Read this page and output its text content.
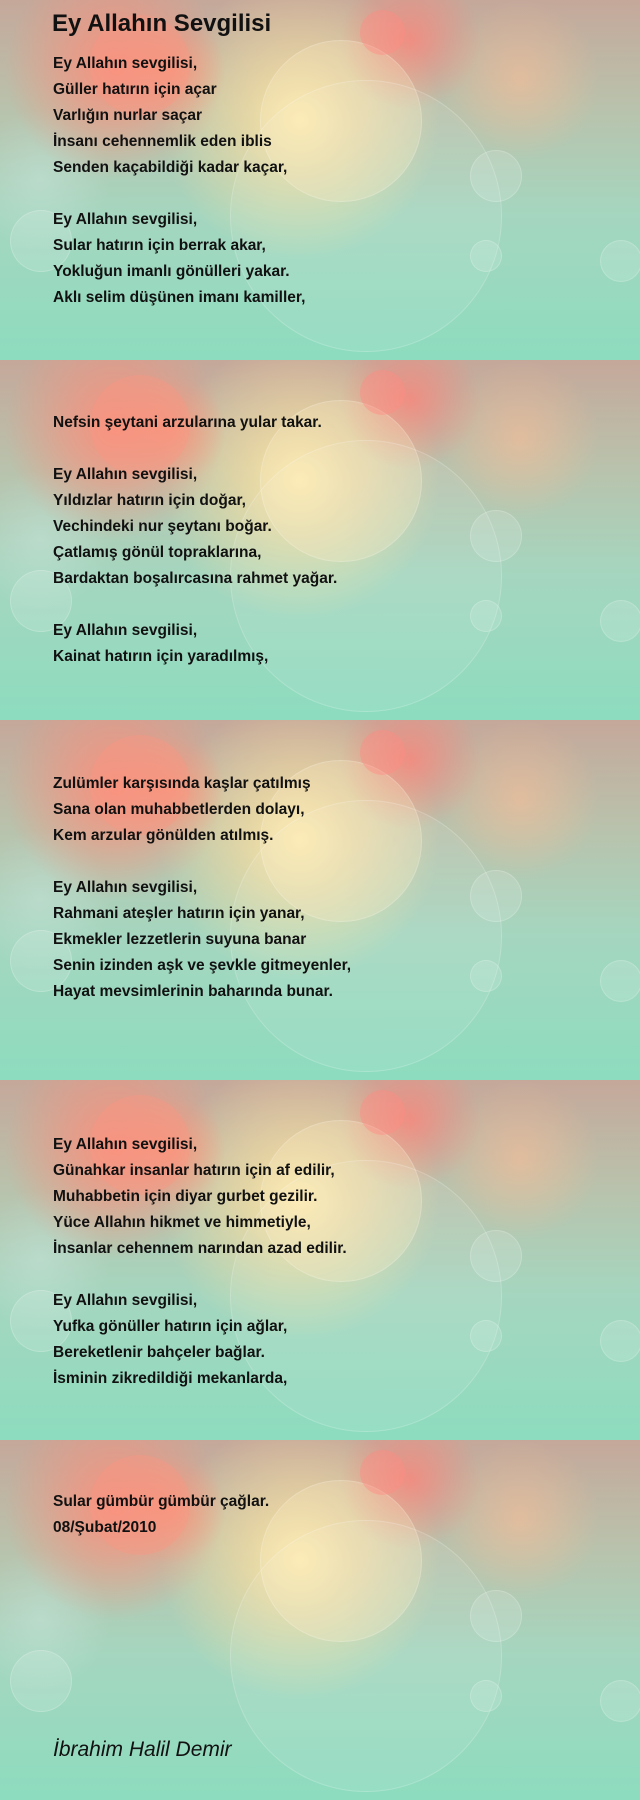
Ey Allahın Sevgilisi
Ey Allahın sevgilisi,
Güller hatırın için açar
Varlığın nurlar saçar
İnsanı cehennemlik eden iblis
Senden kaçabildiği kadar kaçar,
Ey Allahın sevgilisi,
Sular hatırın için berrak akar,
Yokluğun imanlı gönülleri yakar.
Aklı selim düşünen imanı kamiller,
Nefsin şeytani arzularına yular takar.
Ey Allahın sevgilisi,
Yıldızlar hatırın için doğar,
Vechindeki nur şeytanı boğar.
Çatlamış gönül topraklarına,
Bardaktan boşalırcasına rahmet yağar.
Ey Allahın sevgilisi,
Kainat hatırın için yaradılmış,
Zulümler karşısında kaşlar çatılmış
Sana olan muhabbetlerden dolayı,
Kem arzular gönülden atılmış.
Ey Allahın sevgilisi,
Rahmani ateşler hatırın için yanar,
Ekmekler lezzetlerin suyuna banar
Senin izinden aşk ve şevkle gitmeyenler,
Hayat mevsimlerinin baharında bunar.
Ey Allahın sevgilisi,
Günahkar insanlar hatırın için af edilir,
Muhabbetin için diyar gurbet gezilir.
Yüce Allahın hikmet ve himmetiyle,
İnsanlar cehennem narından azad edilir.
Ey Allahın sevgilisi,
Yufka gönüller hatırın için ağlar,
Bereketlenir bahçeler bağlar.
İsminin zikredildiği mekanlarda,
Sular gümbür gümbür çağlar.
08/Şubat/2010
İbrahim Halil Demir
